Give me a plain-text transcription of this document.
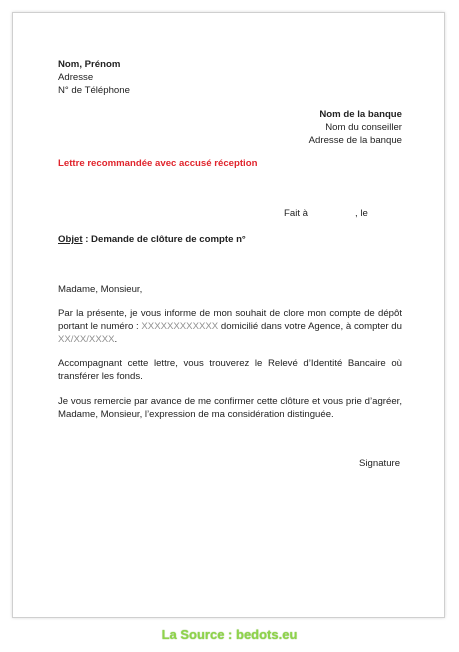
Nom, Prénom
Adresse
N° de Téléphone
Nom de la banque
Nom du conseiller
Adresse de la banque
Lettre recommandée avec accusé réception
Fait à	, le
Objet : Demande de clôture de compte n°
Madame, Monsieur,
Par la présente, je vous informe de mon souhait de clore mon compte de dépôt portant le numéro : XXXXXXXXXXXX domicilié dans votre Agence, à compter du XX/XX/XXXX.
Accompagnant cette lettre, vous trouverez le Relevé d’Identité Bancaire où transférer les fonds.
Je vous remercie par avance de me confirmer cette clôture et vous prie d’agréer, Madame, Monsieur, l’expression de ma considération distinguée.
Signature
La Source : bedots.eu
